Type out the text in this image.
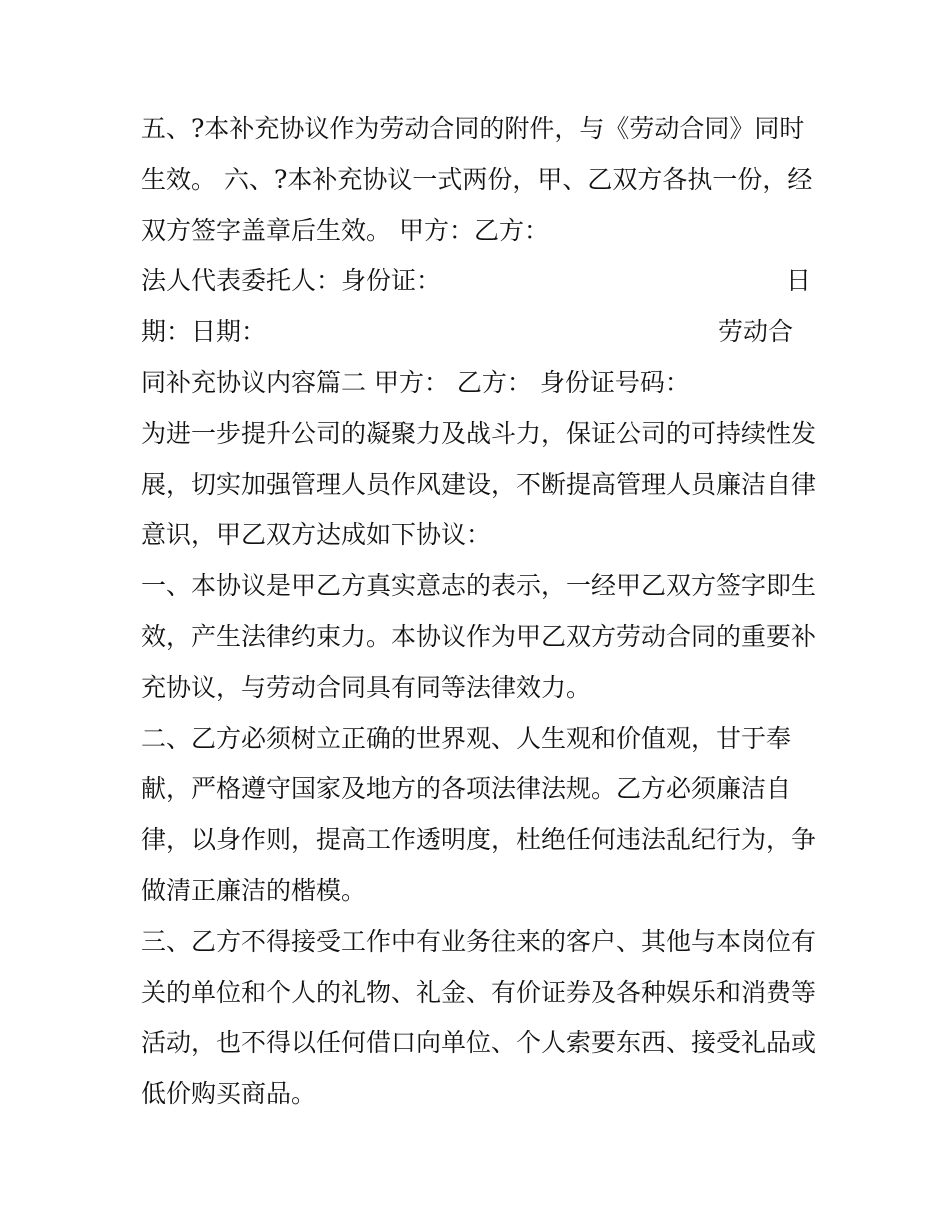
五、?本补充协议作为劳动合同的附件，与《劳动合同》同时
生效。 六、?本补充协议一式两份，甲、乙双方各执一份，经
双方签字盖章后生效。 甲方：乙方：
法人代表委托人：身份证：	日
期：日期：	劳动合
同补充协议内容篇二 甲方： 乙方： 身份证号码：
为进一步提升公司的凝聚力及战斗力，保证公司的可持续性发
展，切实加强管理人员作风建设，不断提高管理人员廉洁自律
意识，甲乙双方达成如下协议：
一、本协议是甲乙方真实意志的表示，一经甲乙双方签字即生
效，产生法律约束力。本协议作为甲乙双方劳动合同的重要补
充协议，与劳动合同具有同等法律效力。
二、乙方必须树立正确的世界观、人生观和价值观，甘于奉
献，严格遵守国家及地方的各项法律法规。乙方必须廉洁自
律，以身作则，提高工作透明度，杜绝任何违法乱纪行为，争
做清正廉洁的楷模。
三、乙方不得接受工作中有业务往来的客户、其他与本岗位有
关的单位和个人的礼物、礼金、有价证券及各种娱乐和消费等
活动，也不得以任何借口向单位、个人索要东西、接受礼品或
低价购买商品。
